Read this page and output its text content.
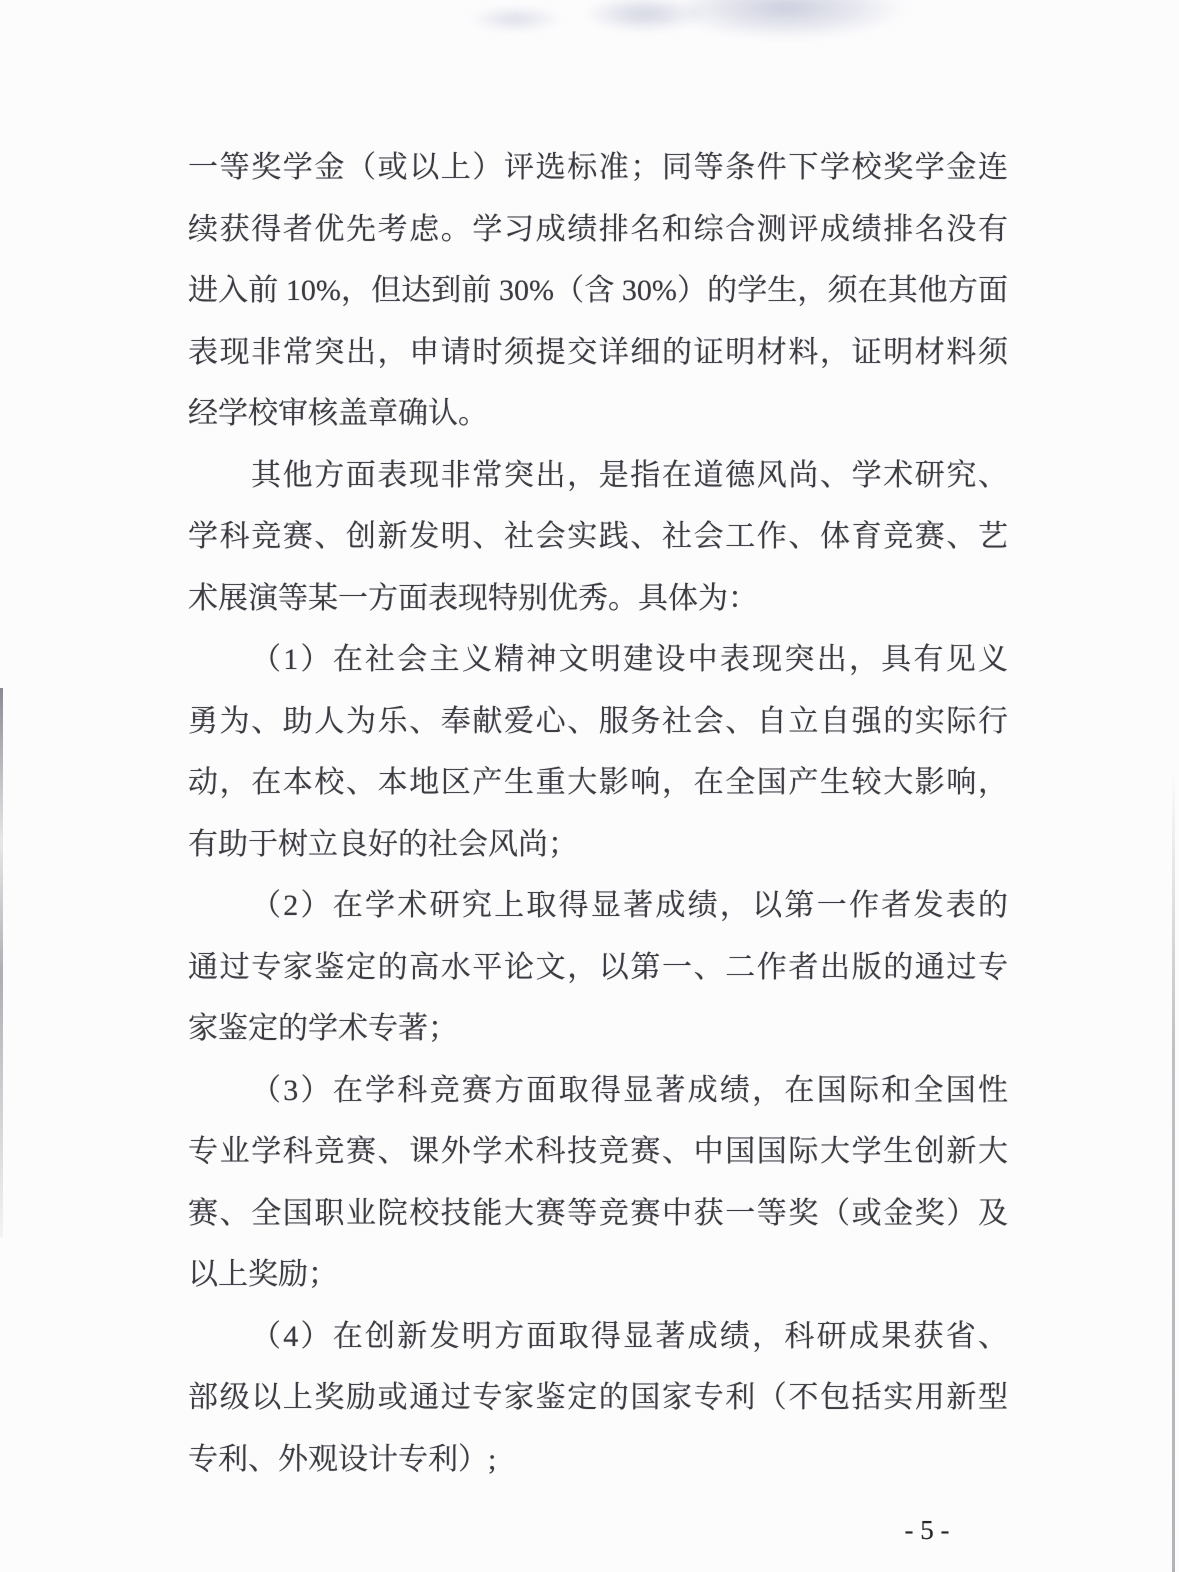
一等奖学金（或以上）评选标准；同等条件下学校奖学金连

续获得者优先考虑。学习成绩排名和综合测评成绩排名没有

进入前 10%，但达到前 30%（含 30%）的学生，须在其他方面

表现非常突出，申请时须提交详细的证明材料，证明材料须

经学校审核盖章确认。

其他方面表现非常突出，是指在道德风尚、学术研究、

学科竞赛、创新发明、社会实践、社会工作、体育竞赛、艺

术展演等某一方面表现特别优秀。具体为：

（1）在社会主义精神文明建设中表现突出，具有见义

勇为、助人为乐、奉献爱心、服务社会、自立自强的实际行

动，在本校、本地区产生重大影响，在全国产生较大影响，

有助于树立良好的社会风尚；

（2）在学术研究上取得显著成绩，以第一作者发表的

通过专家鉴定的高水平论文，以第一、二作者出版的通过专

家鉴定的学术专著；

（3）在学科竞赛方面取得显著成绩，在国际和全国性

专业学科竞赛、课外学术科技竞赛、中国国际大学生创新大

赛、全国职业院校技能大赛等竞赛中获一等奖（或金奖）及

以上奖励；

（4）在创新发明方面取得显著成绩，科研成果获省、

部级以上奖励或通过专家鉴定的国家专利（不包括实用新型

专利、外观设计专利）;

- 5 -
